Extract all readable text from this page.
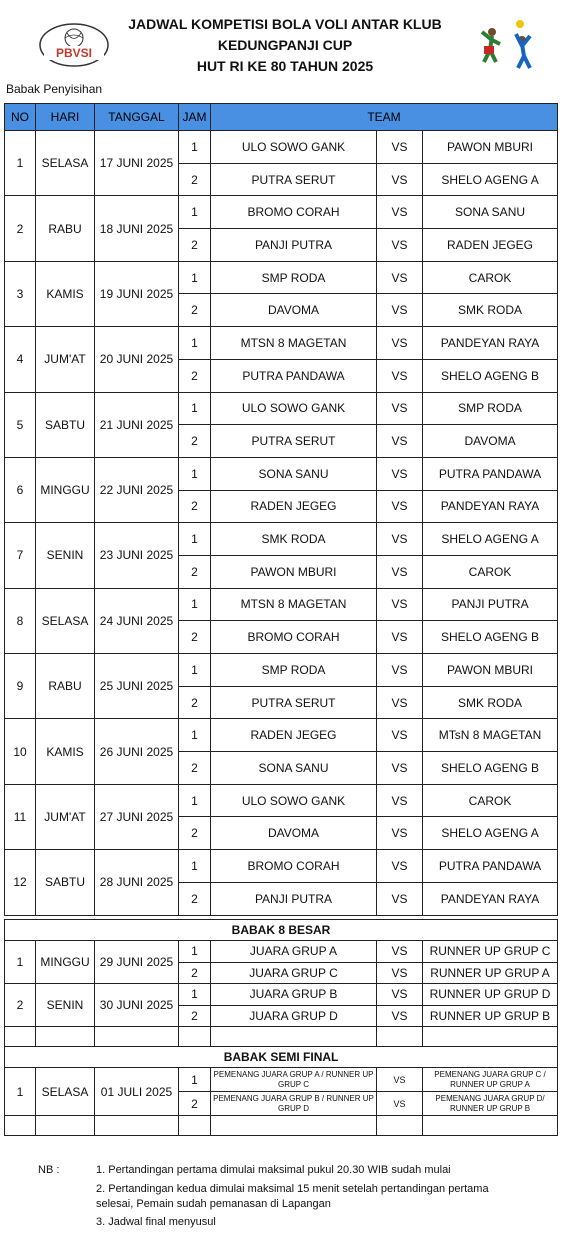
PBVSI
JADWAL KOMPETISI BOLA VOLI ANTAR KLUB
KEDUNGPANJI CUP
HUT RI KE 80 TAHUN 2025
Babak Penyisihan
NO	HARI	TANGGAL	JAM	TEAM		
1	SELASA	17 JUNI 2025	1	ULO SOWO GANK	VS	PAWON MBURI
			2	PUTRA SERUT	VS	SHELO AGENG A
2	RABU	18 JUNI 2025	1	BROMO CORAH	VS	SONA SANU
			2	PANJI PUTRA	VS	RADEN JEGEG
3	KAMIS	19 JUNI 2025	1	SMP RODA	VS	CAROK
			2	DAVOMA	VS	SMK RODA
4	JUM'AT	20 JUNI 2025	1	MTSN 8 MAGETAN	VS	PANDEYAN RAYA
			2	PUTRA PANDAWA	VS	SHELO AGENG B
5	SABTU	21 JUNI 2025	1	ULO SOWO GANK	VS	SMP RODA
			2	PUTRA SERUT	VS	DAVOMA
6	MINGGU	22 JUNI 2025	1	SONA SANU	VS	PUTRA PANDAWA
			2	RADEN JEGEG	VS	PANDEYAN RAYA
7	SENIN	23 JUNI 2025	1	SMK RODA	VS	SHELO AGENG A
			2	PAWON MBURI	VS	CAROK
8	SELASA	24 JUNI 2025	1	MTSN 8 MAGETAN	VS	PANJI PUTRA
			2	BROMO CORAH	VS	SHELO AGENG B
9	RABU	25 JUNI 2025	1	SMP RODA	VS	PAWON MBURI
			2	PUTRA SERUT	VS	SMK RODA
10	KAMIS	26 JUNI 2025	1	RADEN JEGEG	VS	MTsN 8 MAGETAN
			2	SONA SANU	VS	SHELO AGENG B
11	JUM'AT	27 JUNI 2025	1	ULO SOWO GANK	VS	CAROK
			2	DAVOMA	VS	SHELO AGENG A
12	SABTU	28 JUNI 2025	1	BROMO CORAH	VS	PUTRA PANDAWA
			2	PANJI PUTRA	VS	PANDEYAN RAYA
BABAK 8 BESAR						
1	MINGGU	29 JUNI 2025	1	JUARA GRUP A	VS	RUNNER UP GRUP C
			2	JUARA GRUP C	VS	RUNNER UP GRUP A
2	SENIN	30 JUNI 2025	1	JUARA GRUP B	VS	RUNNER UP GRUP D
			2	JUARA GRUP D	VS	RUNNER UP GRUP B

BABAK SEMI FINAL						
1	SELASA	01 JULI 2025	1	PEMENANG JUARA GRUP A / RUNNER UP GRUP C	VS	PEMENANG JUARA GRUP C / RUNNER UP GRUP A
			2	PEMENANG JUARA GRUP B / RUNNER UP GRUP D	VS	PEMENANG JUARA GRUP D/ RUNNER UP GRUP B

NB :	1. Pertandingan pertama dimulai maksimal pukul 20.30 WIB sudah mulai
2. Pertandingan kedua dimulai maksimal 15 menit setelah pertandingan pertama
selesai, Pemain sudah pemanasan di Lapangan
3. Jadwal final menyusul
